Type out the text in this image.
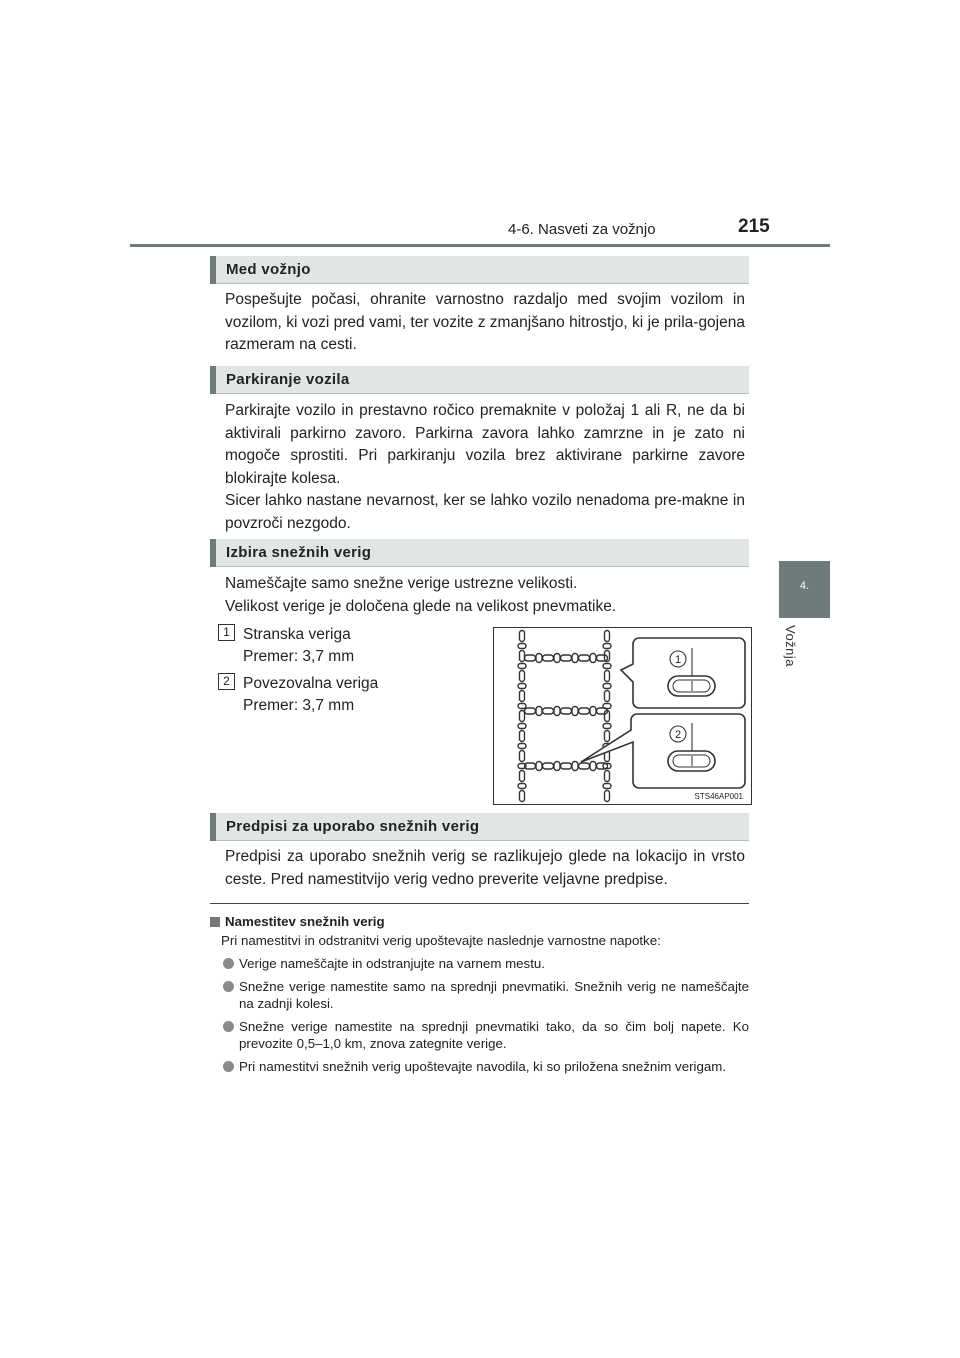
4-6. Nasveti za vožnjo	215
4.
Vožnja
Med vožnjo

Pospešujte počasi, ohranite varnostno razdaljo med svojim vozilom in vozilom, ki vozi pred vami, ter vozite z zmanjšano hitrostjo, ki je prila-gojena razmeram na cesti.

Parkiranje vozila

Parkirajte vozilo in prestavno ročico premaknite v položaj 1 ali R, ne da bi aktivirali parkirno zavoro. Parkirna zavora lahko zamrzne in je zato ni mogoče sprostiti. Pri parkiranju vozila brez aktivirane parkirne zavore blokirajte kolesa.

Sicer lahko nastane nevarnost, ker se lahko vozilo nenadoma pre-makne in povzroči nezgodo.

Izbira snežnih verig

Nameščajte samo snežne verige ustrezne velikosti.

Velikost verige je določena glede na velikost pnevmatike.

1 Stranska veriga
Premer: 3,7 mm
2 Povezovalna veriga
Premer: 3,7 mm
1
2
STS46AP001
Predpisi za uporabo snežnih verig

Predpisi za uporabo snežnih verig se razlikujejo glede na lokacijo in vrsto ceste. Pred namestitvijo verig vedno preverite veljavne predpise.

Namestitev snežnih verig
Pri namestitvi in odstranitvi verig upoštevajte naslednje varnostne napotke:
Verige nameščajte in odstranjujte na varnem mestu.
Snežne verige namestite samo na sprednji pnevmatiki. Snežnih verig ne nameščajte na zadnji kolesi.
Snežne verige namestite na sprednji pnevmatiki tako, da so čim bolj napete. Ko prevozite 0,5–1,0 km, znova zategnite verige.
Pri namestitvi snežnih verig upoštevajte navodila, ki so priložena snežnim verigam.
